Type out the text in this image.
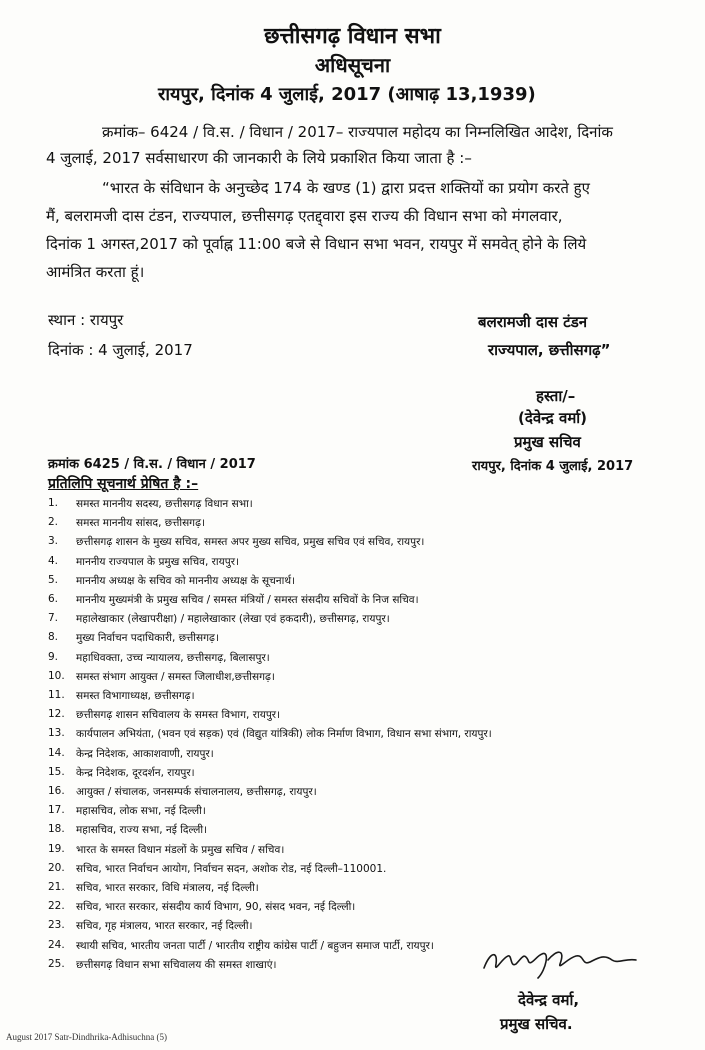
छत्तीसगढ़ विधान सभा
अधिसूचना
रायपुर, दिनांक 4 जुलाई, 2017 (आषाढ़ 13,1939)
क्रमांक– 6424 / वि.स. / विधान / 2017– राज्यपाल महोदय का निम्नलिखित आदेश, दिनांक
4 जुलाई, 2017 सर्वसाधारण की जानकारी के लिये प्रकाशित किया जाता है :–
“भारत के संविधान के अनुच्छेद 174 के खण्ड (1) द्वारा प्रदत्त शक्तियों का प्रयोग करते हुए
मैं, बलरामजी दास टंडन, राज्यपाल, छत्तीसगढ़ एतद्द्वारा इस राज्य की विधान सभा को मंगलवार,
दिनांक 1 अगस्त,2017 को पूर्वाह्न 11:00 बजे से विधान सभा भवन, रायपुर में समवेत् होने के लिये
आमंत्रित करता हूं।
स्थान : रायपुर
दिनांक : 4 जुलाई, 2017
बलरामजी दास टंडन
राज्यपाल, छत्तीसगढ़”
हस्ता/–
(देवेन्द्र वर्मा)
प्रमुख सचिव
रायपुर, दिनांक 4 जुलाई, 2017
क्रमांक 6425 / वि.स. / विधान / 2017
प्रतिलिपि सूचनार्थ प्रेषित है :–
1. समस्त माननीय सदस्य, छत्तीसगढ़ विधान सभा।
2. समस्त माननीय सांसद, छत्तीसगढ़।
3. छत्तीसगढ़ शासन के मुख्य सचिव, समस्त अपर मुख्य सचिव, प्रमुख सचिव एवं सचिव, रायपुर।
4. माननीय राज्यपाल के प्रमुख सचिव, रायपुर।
5. माननीय अध्यक्ष के सचिव को माननीय अध्यक्ष के सूचनार्थ।
6. माननीय मुख्यमंत्री के प्रमुख सचिव / समस्त मंत्रियों / समस्त संसदीय सचिवों के निज सचिव।
7. महालेखाकार (लेखापरीक्षा) / महालेखाकार (लेखा एवं हकदारी), छत्तीसगढ़, रायपुर।
8. मुख्य निर्वाचन पदाधिकारी, छत्तीसगढ़।
9. महाधिवक्ता, उच्च न्यायालय, छत्तीसगढ़, बिलासपुर।
10. समस्त संभाग आयुक्त / समस्त जिलाधीश,छत्तीसगढ़।
11. समस्त विभागाध्यक्ष, छत्तीसगढ़।
12. छत्तीसगढ़ शासन सचिवालय के समस्त विभाग, रायपुर।
13. कार्यपालन अभियंता, (भवन एवं सड़क) एवं (विद्युत यांत्रिकी) लोक निर्माण विभाग, विधान सभा संभाग, रायपुर।
14. केन्द्र निदेशक, आकाशवाणी, रायपुर।
15. केन्द्र निदेशक, दूरदर्शन, रायपुर।
16. आयुक्त / संचालक, जनसम्पर्क संचालनालय, छत्तीसगढ़, रायपुर।
17. महासचिव, लोक सभा, नई दिल्ली।
18. महासचिव, राज्य सभा, नई दिल्ली।
19. भारत के समस्त विधान मंडलों के प्रमुख सचिव / सचिव।
20. सचिव, भारत निर्वाचन आयोग, निर्वाचन सदन, अशोक रोड, नई दिल्ली–110001.
21. सचिव, भारत सरकार, विधि मंत्रालय, नई दिल्ली।
22. सचिव, भारत सरकार, संसदीय कार्य विभाग, 90, संसद भवन, नई दिल्ली।
23. सचिव, गृह मंत्रालय, भारत सरकार, नई दिल्ली।
24. स्थायी सचिव, भारतीय जनता पार्टी / भारतीय राष्ट्रीय कांग्रेस पार्टी / बहुजन समाज पार्टी, रायपुर।
25. छत्तीसगढ़ विधान सभा सचिवालय की समस्त शाखाएं।
देवेन्द्र वर्मा,
प्रमुख सचिव.
August 2017 Satr-Dindhrika-Adhisuchna (5)
